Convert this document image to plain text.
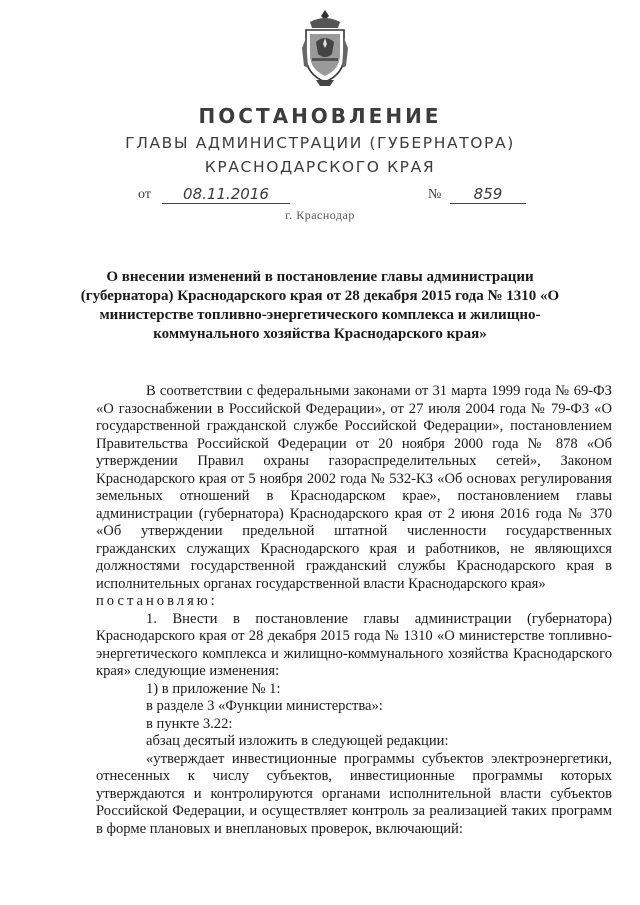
ПОСТАНОВЛЕНИЕ
ГЛАВЫ АДМИНИСТРАЦИИ (ГУБЕРНАТОРА)
КРАСНОДАРСКОГО КРАЯ
от	08.11.2016	№	859
г. Краснодар
О внесении изменений в постановление главы администрации (губернатора) Краснодарского края от 28 декабря 2015 года № 1310 «О министерстве топливно-энергетического комплекса и жилищно-коммунального хозяйства Краснодарского края»

В соответствии с федеральными законами от 31 марта 1999 года № 69-ФЗ «О газоснабжении в Российской Федерации», от 27 июля 2004 года № 79-ФЗ «О государственной гражданской службе Российской Федерации», постановлением Правительства Российской Федерации от 20 ноября 2000 года № 878 «Об утверждении Правил охраны газораспределительных сетей», Законом Краснодарского края от 5 ноября 2002 года № 532-КЗ «Об основах регулирования земельных отношений в Краснодарском крае», постановлением главы администрации (губернатора) Краснодарского края от 2 июня 2016 года № 370 «Об утверждении предельной штатной численности государственных гражданских служащих Краснодарского края и работников, не являющихся должностями государственной гражданский службы Краснодарского края в исполнительных органах государственной власти Краснодарского края»

постановляю:

1. Внести в постановление главы администрации (губернатора) Краснодарского края от 28 декабря 2015 года № 1310 «О министерстве топливно-энергетического комплекса и жилищно-коммунального хозяйства Краснодарского края» следующие изменения:

1) в приложение № 1:

в разделе 3 «Функции министерства»:

в пункте 3.22:

абзац десятый изложить в следующей редакции:

«утверждает инвестиционные программы субъектов электроэнергетики, отнесенных к числу субъектов, инвестиционные программы которых утверждаются и контролируются органами исполнительной власти субъектов Российской Федерации, и осуществляет контроль за реализацией таких программ в форме плановых и внеплановых проверок, включающий:
